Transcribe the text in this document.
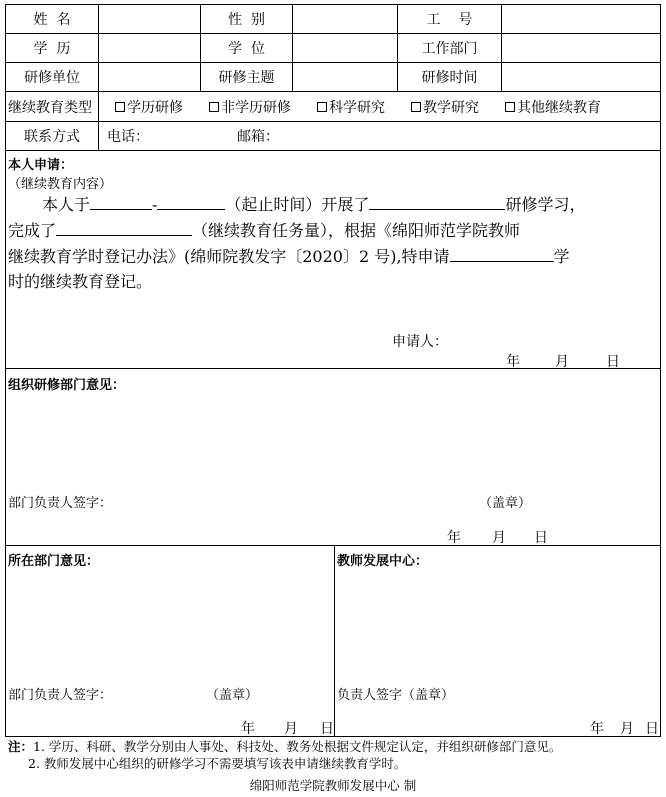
姓  名	性  别	工    号
学  历	学  位	工作部门
研修单位	研修主题	研修时间
继续教育类型	学历研修	非学历研修	科学研究	教学研究	其他继续教育
联系方式 电话：	邮箱：
本人申请：
（继续教育内容）
本人于	-	（起止时间）开展了	研修学习，
完成了	（继续教育任务量），根据《绵阳师范学院教师
继续教育学时登记办法》(绵师院教发字〔2020〕2 号),特申请	学
时的继续教育登记。
申请人：
年	月	日
组织研修部门意见：
部门负责人签字：	（盖章）
年 月 日
所在部门意见：
部门负责人签字：	（盖章）
年 月 日
教师发展中心：
负责人签字（盖章）
年 月 日
注：1. 学历、科研、教学分别由人事处、科技处、教务处根据文件规定认定，并组织研修部门意见。
2. 教师发展中心组织的研修学习不需要填写该表申请继续教育学时。
绵阳师范学院教师发展中心 制
